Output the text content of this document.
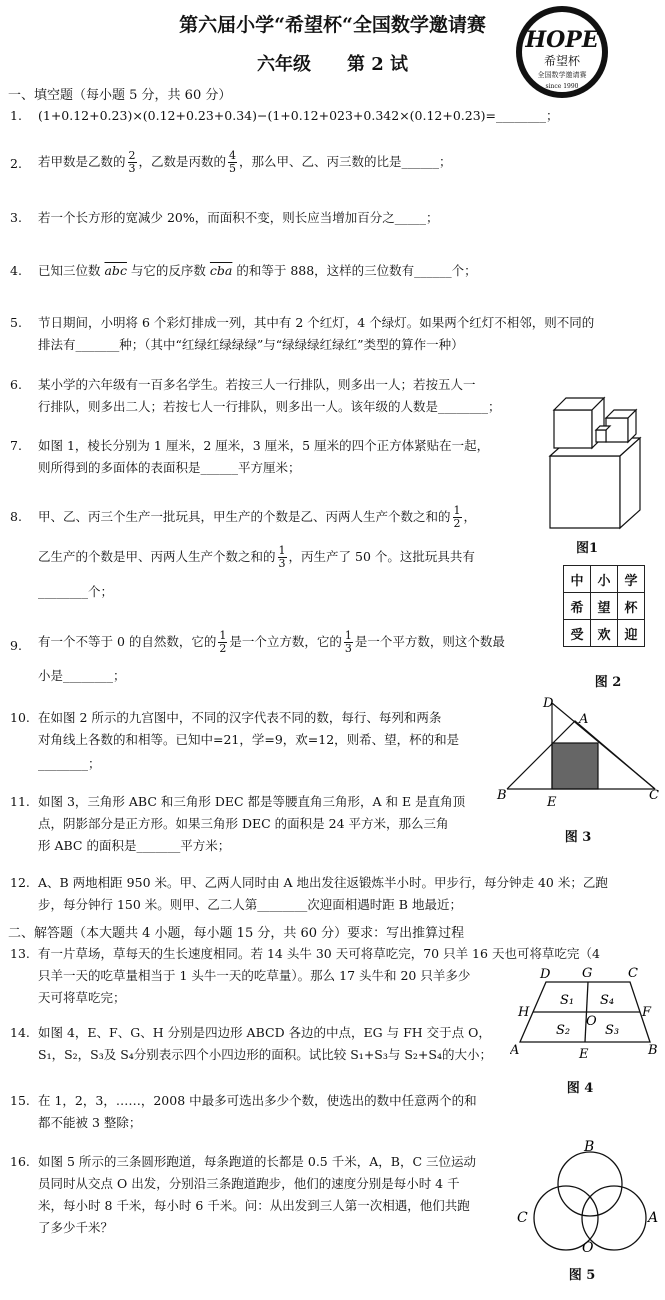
第六届小学“希望杯“全国数学邀请赛
六年级　　第 2 试
HOPE
希望杯
全国数学邀请赛
since 1990
一、填空题（每小题 5 分，共 60 分）
1. (1+0.12+0.23)×(0.12+0.23+0.34)−(1+0.12+023+0.342×(0.12+0.23)=________；
2. 若甲数是乙数的 $\frac{2}{3}$ ，乙数是丙数的 $\frac{4}{5}$ ，那么甲、乙、丙三数的比是______；
3. 若一个长方形的宽减少 20%，而面积不变，则长应当增加百分之_____；
4. 已知三位数 $\overline{abc}$ 与它的反序数 $\overline{cba}$ 的和等于 888，这样的三位数有______个；
5. 节日期间，小明将 6 个彩灯排成一列，其中有 2 个红灯，4 个绿灯。如果两个红灯不相邻，则不同的
排法有_______种；（其中“红绿红绿绿绿”与“绿绿绿红绿红”类型的算作一种）
6. 某小学的六年级有一百多名学生。若按三人一行排队，则多出一人；若按五人一
行排队，则多出二人；若按七人一行排队，则多出一人。该年级的人数是________；
7. 如图 1，棱长分别为 1 厘米，2 厘米，3 厘米，5 厘米的四个正方体紧贴在一起，
则所得到的多面体的表面积是______平方厘米；
8. 甲、乙、丙三个生产一批玩具，甲生产的个数是乙、丙两人生产个数之和的 $\frac{1}{2}$ ，
乙生产的个数是甲、丙两人生产个数之和的 $\frac{1}{3}$ ，丙生产了 50 个。这批玩具共有
________个；
9. 有一个不等于 0 的自然数，它的 $\frac{1}{2}$ 是一个立方数，它的 $\frac{1}{3}$ 是一个平方数，则这个数最
小是________；
10. 在如图 2 所示的九宫图中，不同的汉字代表不同的数，每行、每列和两条
对角线上各数的和相等。已知中=21，学=9，欢=12，则希、望，杯的和是
________；
11. 如图 3，三角形 ABC 和三角形 DEC 都是等腰直角三角形，A 和 E 是直角顶
点，阴影部分是正方形。如果三角形 DEC 的面积是 24 平方米，那么三角
形 ABC 的面积是_______平方米；
12. A、B 两地相距 950 米。甲、乙两人同时由 A 地出发往返锻炼半小时。甲步行，每分钟走 40 米；乙跑
步，每分钟行 150 米。则甲、乙二人第________次迎面相遇时距 B 地最近；
二、解答题（本大题共 4 小题，每小题 15 分，共 60 分）要求：写出推算过程
13. 有一片草场，草每天的生长速度相同。若 14 头牛 30 天可将草吃完，70 只羊 16 天也可将草吃完（4
只羊一天的吃草量相当于 1 头牛一天的吃草量）。那么 17 头牛和 20 只羊多少
天可将草吃完；
14. 如图 4，E、F、G、H 分别是四边形 ABCD 各边的中点，EG 与 FH 交于点 O，
S₁，S₂，S₃及 S₄分别表示四个小四边形的面积。试比较 S₁+S₃与 S₂+S₄的大小；
15. 在 1，2，3，……，2008 中最多可选出多少个数，使选出的数中任意两个的和
都不能被 3 整除；
16. 如图 5 所示的三条圆形跑道，每条跑道的长都是 0.5 千米，A，B，C 三位运动
员同时从交点 O 出发，分别沿三条跑道跑步，他们的速度分别是每小时 4 千
米，每小时 8 千米，每小时 6 千米。问：从出发到三人第一次相遇，他们共跑
了多少千米？
图1
中	小	学
希	望	杯
受	欢	迎
图 2
D
A
B	E	C
图 3
D G	C
H	F
A	E	B
O
S₁ S₄
S₂	S₃
图 4
B
C	A
O
图 5
